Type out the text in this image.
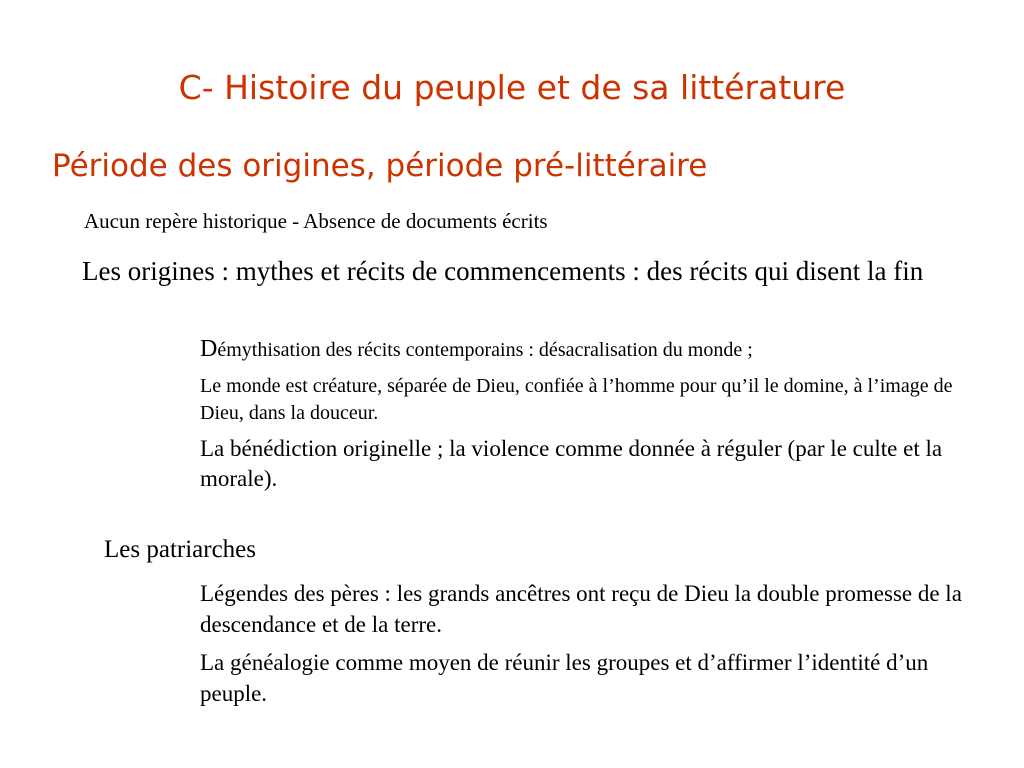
C- Histoire du peuple et de sa littérature
Période des origines, période pré-littéraire
Aucun repère historique - Absence de documents écrits
Les origines : mythes et récits de commencements : des récits qui disent la fin
Démythisation des récits contemporains : désacralisation du monde ;
Le monde est créature, séparée de Dieu, confiée à l’homme pour qu’il le domine, à l’image de Dieu, dans la douceur.
La bénédiction originelle ; la violence comme donnée à réguler (par le culte et la morale).
Les patriarches
Légendes des pères : les grands ancêtres ont reçu de Dieu la double promesse de la descendance et de la terre.
La généalogie comme moyen de réunir les groupes et d’affirmer l’identité d’un peuple.
